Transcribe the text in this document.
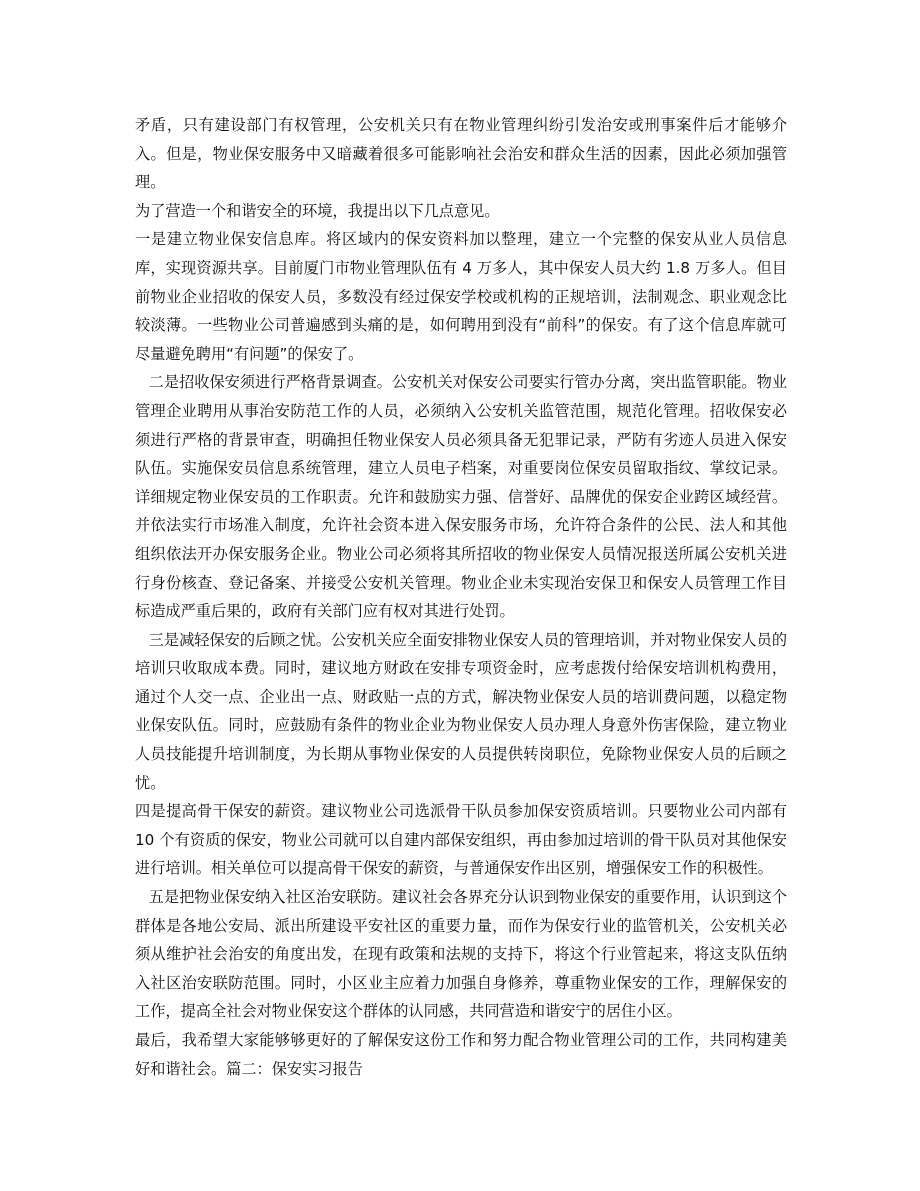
矛盾，只有建设部门有权管理，公安机关只有在物业管理纠纷引发治安或刑事案件后才能够介入。但是，物业保安服务中又暗藏着很多可能影响社会治安和群众生活的因素，因此必须加强管理。

为了营造一个和谐安全的环境，我提出以下几点意见。

一是建立物业保安信息库。将区域内的保安资料加以整理，建立一个完整的保安从业人员信息库，实现资源共享。目前厦门市物业管理队伍有 4 万多人，其中保安人员大约 1.8 万多人。但目前物业企业招收的保安人员，多数没有经过保安学校或机构的正规培训，法制观念、职业观念比较淡薄。一些物业公司普遍感到头痛的是，如何聘用到没有“前科”的保安。有了这个信息库就可尽量避免聘用“有问题”的保安了。

二是招收保安须进行严格背景调查。公安机关对保安公司要实行管办分离，突出监管职能。物业管理企业聘用从事治安防范工作的人员，必须纳入公安机关监管范围，规范化管理。招收保安必须进行严格的背景审查，明确担任物业保安人员必须具备无犯罪记录，严防有劣迹人员进入保安队伍。实施保安员信息系统管理，建立人员电子档案，对重要岗位保安员留取指纹、掌纹记录。详细规定物业保安员的工作职责。允许和鼓励实力强、信誉好、品牌优的保安企业跨区域经营。并依法实行市场准入制度，允许社会资本进入保安服务市场，允许符合条件的公民、法人和其他组织依法开办保安服务企业。物业公司必须将其所招收的物业保安人员情况报送所属公安机关进行身份核查、登记备案、并接受公安机关管理。物业企业未实现治安保卫和保安人员管理工作目标造成严重后果的，政府有关部门应有权对其进行处罚。

三是减轻保安的后顾之忧。公安机关应全面安排物业保安人员的管理培训，并对物业保安人员的培训只收取成本费。同时，建议地方财政在安排专项资金时，应考虑拨付给保安培训机构费用，通过个人交一点、企业出一点、财政贴一点的方式，解决物业保安人员的培训费问题，以稳定物业保安队伍。同时，应鼓励有条件的物业企业为物业保安人员办理人身意外伤害保险，建立物业人员技能提升培训制度，为长期从事物业保安的人员提供转岗职位，免除物业保安人员的后顾之忧。

四是提高骨干保安的薪资。建议物业公司选派骨干队员参加保安资质培训。只要物业公司内部有 10 个有资质的保安，物业公司就可以自建内部保安组织，再由参加过培训的骨干队员对其他保安进行培训。相关单位可以提高骨干保安的薪资，与普通保安作出区别，增强保安工作的积极性。

五是把物业保安纳入社区治安联防。建议社会各界充分认识到物业保安的重要作用，认识到这个群体是各地公安局、派出所建设平安社区的重要力量，而作为保安行业的监管机关，公安机关必须从维护社会治安的角度出发，在现有政策和法规的支持下，将这个行业管起来，将这支队伍纳入社区治安联防范围。同时，小区业主应着力加强自身修养，尊重物业保安的工作，理解保安的工作，提高全社会对物业保安这个群体的认同感，共同营造和谐安宁的居住小区。

最后，我希望大家能够够更好的了解保安这份工作和努力配合物业管理公司的工作，共同构建美好和谐社会。篇二：保安实习报告
